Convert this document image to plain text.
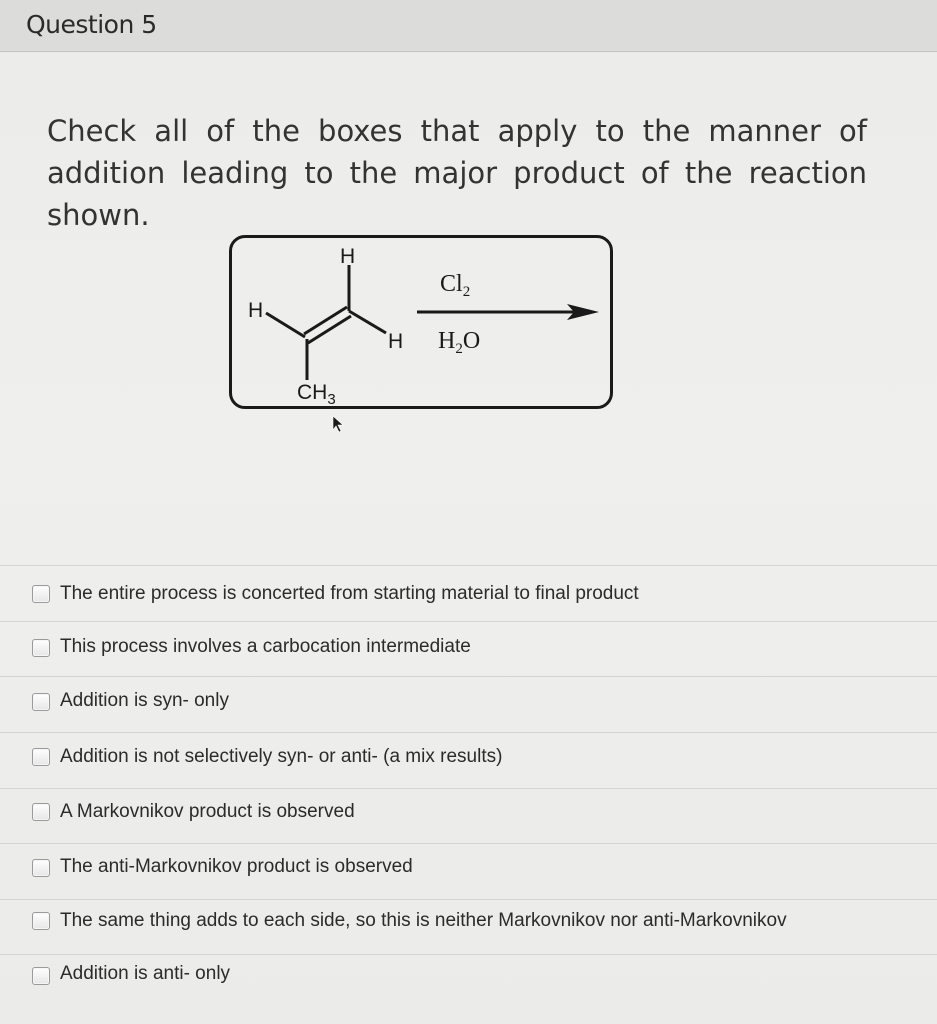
Question 5

Check all of the boxes that apply to the manner of addition leading to the major product of the reaction shown.

H
H
H
$CH_3$
$Cl_2$
$H_2O$
The entire process is concerted from starting material to final product
This process involves a carbocation intermediate
Addition is syn- only
Addition is not selectively syn- or anti- (a mix results)
A Markovnikov product is observed
The anti-Markovnikov product is observed
The same thing adds to each side, so this is neither Markovnikov nor anti-Markovnikov
Addition is anti- only
